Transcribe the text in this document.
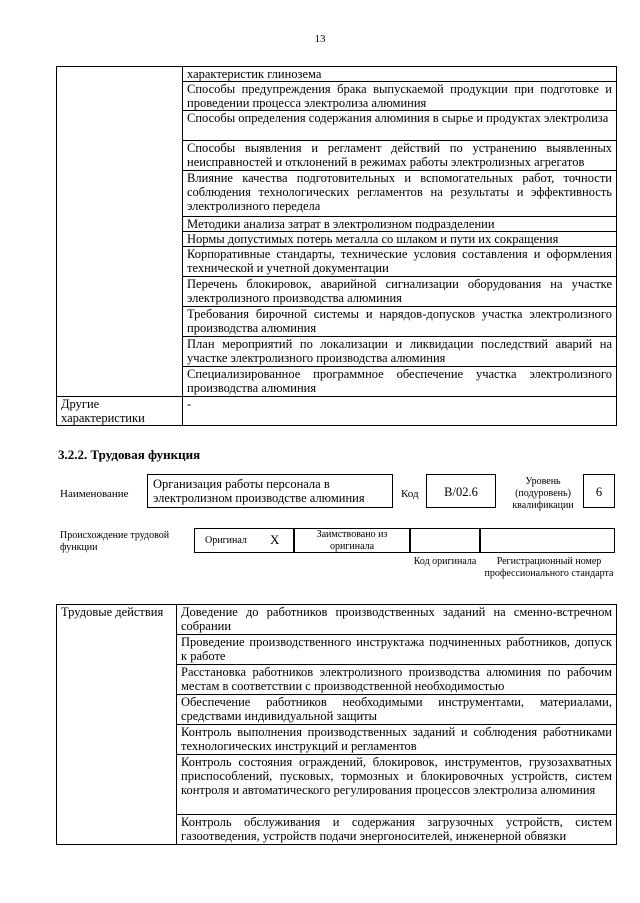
13
	характеристик глинозема
	Способы предупреждения брака выпускаемой продукции при подготовке и проведении процесса электролиза алюминия
	Способы определения содержания алюминия в сырье и продуктах электролиза
	Способы выявления и регламент действий по устранению выявленных неисправностей и отклонений в режимах работы электролизных агрегатов
	Влияние качества подготовительных и вспомогательных работ, точности соблюдения технологических регламентов на результаты и эффективность электролизного передела
	Методики анализа затрат в электролизном подразделении
	Нормы допустимых потерь металла со шлаком и пути их сокращения
	Корпоративные стандарты, технические условия составления и оформления технической и учетной документации
	Перечень блокировок, аварийной сигнализации оборудования на участке электролизного производства алюминия
	Требования бирочной системы и нарядов-допусков участка электролизного производства алюминия
	План мероприятий по локализации и ликвидации последствий аварий на участке электролизного производства алюминия
	Специализированное программное обеспечение участка электролизного производства алюминия
Другие характеристики	-
3.2.2. Трудовая функция
Наименование
Организация работы персонала в электролизном производстве алюминия	Код	В/02.6
Уровень (подуровень) квалификации
6
Происхождение трудовой функции
Оригинал X	Заимствовано из оригинала
Код оригинала	Регистрационный номер профессионального стандарта
Трудовые действия	Доведение до работников производственных заданий на сменно-встречном собрании
Проведение производственного инструктажа подчиненных работников, допуск к работе
Расстановка работников электролизного производства алюминия по рабочим местам в соответствии с производственной необходимостью
Обеспечение работников необходимыми инструментами, материалами, средствами индивидуальной защиты
Контроль выполнения производственных заданий и соблюдения работниками технологических инструкций и регламентов
Контроль состояния ограждений, блокировок, инструментов, грузозахватных приспособлений, пусковых, тормозных и блокировочных устройств, систем контроля и автоматического регулирования процессов электролиза алюминия
Контроль обслуживания и содержания загрузочных устройств, систем газоотведения, устройств подачи энергоносителей, инженерной обвязки
